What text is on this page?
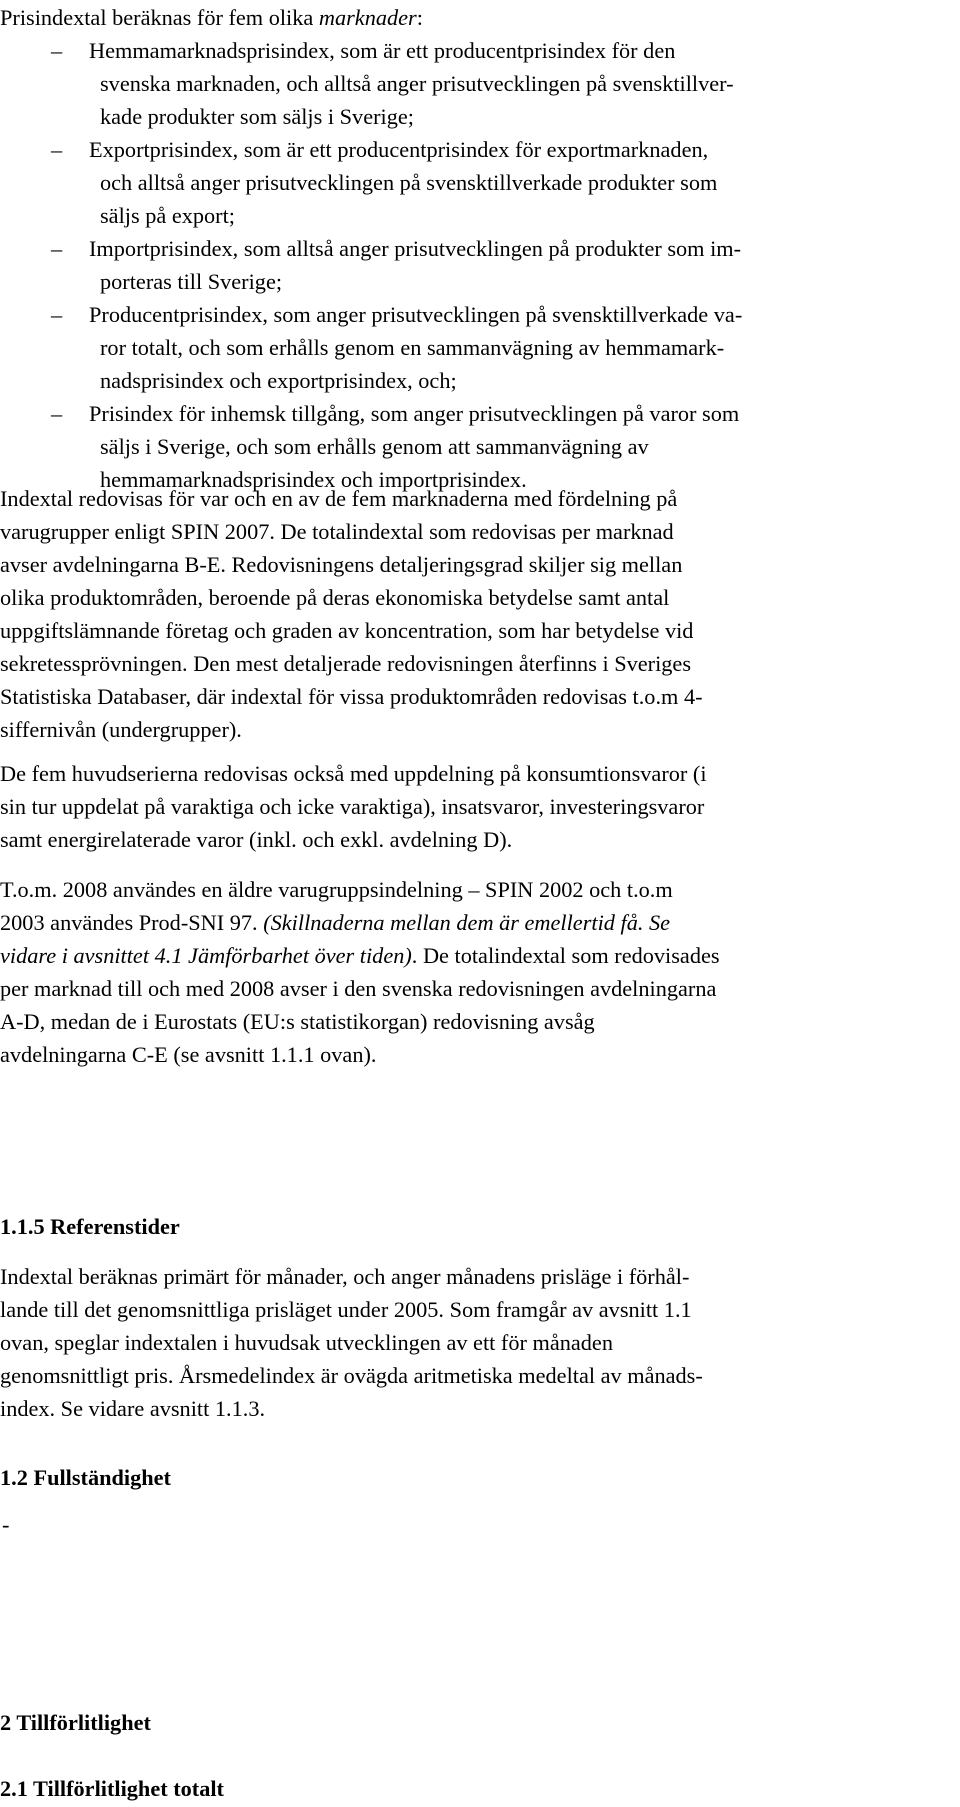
Prisindextal beräknas för fem olika marknader:
– Hemmamarknadsprisindex, som är ett producentprisindex för den
svenska marknaden, och alltså anger prisutvecklingen på svensktillver-
kade produkter som säljs i Sverige;
– Exportprisindex, som är ett producentprisindex för exportmarknaden,
och alltså anger prisutvecklingen på svensktillverkade produkter som
säljs på export;
– Importprisindex, som alltså anger prisutvecklingen på produkter som im-
porteras till Sverige;
– Producentprisindex, som anger prisutvecklingen på svensktillverkade va-
ror totalt, och som erhålls genom en sammanvägning av hemmamark-
nadsprisindex och exportprisindex, och;
– Prisindex för inhemsk tillgång, som anger prisutvecklingen på varor som
säljs i Sverige, och som erhålls genom att sammanvägning av
hemmamarknadsprisindex och importprisindex.
Indextal redovisas för var och en av de fem marknaderna med fördelning på
varugrupper enligt SPIN 2007. De totalindextal som redovisas per marknad
avser avdelningarna B-E. Redovisningens detaljeringsgrad skiljer sig mellan
olika produktområden, beroende på deras ekonomiska betydelse samt antal
uppgiftslämnande företag och graden av koncentration, som har betydelse vid
sekretessprövningen. Den mest detaljerade redovisningen återfinns i Sveriges
Statistiska Databaser, där indextal för vissa produktområden redovisas t.o.m 4-
siffernivån (undergrupper).
De fem huvudserierna redovisas också med uppdelning på konsumtionsvaror (i
sin tur uppdelat på varaktiga och icke varaktiga), insatsvaror, investeringsvaror
samt energirelaterade varor (inkl. och exkl. avdelning D).
T.o.m. 2008 användes en äldre varugruppsindelning – SPIN 2002 och t.o.m
2003 användes Prod-SNI 97. (Skillnaderna mellan dem är emellertid få. Se
vidare i avsnittet 4.1 Jämförbarhet över tiden). De totalindextal som redovisades
per marknad till och med 2008 avser i den svenska redovisningen avdelningarna
A-D, medan de i Eurostats (EU:s statistikorgan) redovisning avsåg
avdelningarna C-E (se avsnitt 1.1.1 ovan).
1.1.5 Referenstider
Indextal beräknas primärt för månader, och anger månadens prisläge i förhål-
lande till det genomsnittliga prisläget under 2005. Som framgår av avsnitt 1.1
ovan, speglar indextalen i huvudsak utvecklingen av ett för månaden
genomsnittligt pris. Årsmedelindex är ovägda aritmetiska medeltal av månads-
index. Se vidare avsnitt 1.1.3.
1.2 Fullständighet
-
2 Tillförlitlighet
2.1 Tillförlitlighet totalt
